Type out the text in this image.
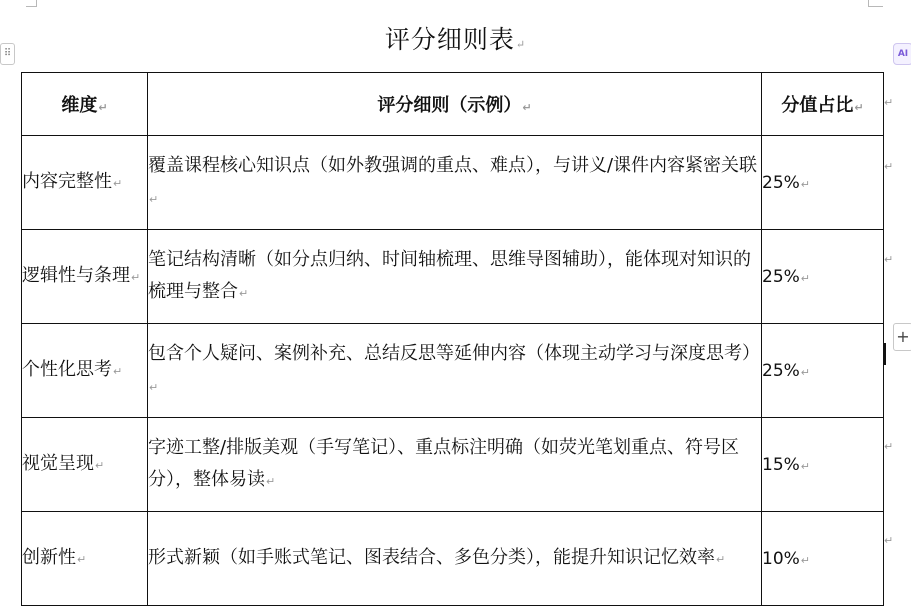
⠿	AI
评分细则表↵
维度↵	评分细则（示例）↵	分值占比↵
内容完整性↵	覆盖课程核心知识点（如外教强调的重点、难点），与讲义/课件内容紧密关联↵	25%↵
逻辑性与条理↵	笔记结构清晰（如分点归纳、时间轴梳理、思维导图辅助），能体现对知识的梳理与整合↵	25%↵
个性化思考↵	包含个人疑问、案例补充、总结反思等延伸内容（体现主动学习与深度思考）↵	25%↵
视觉呈现↵	字迹工整/排版美观（手写笔记）、重点标注明确（如荧光笔划重点、符号区分），整体易读↵	15%↵
创新性↵	形式新颖（如手账式笔记、图表结合、多色分类），能提升知识记忆效率↵	10%↵
↵
↵
↵
↵
↵
+
